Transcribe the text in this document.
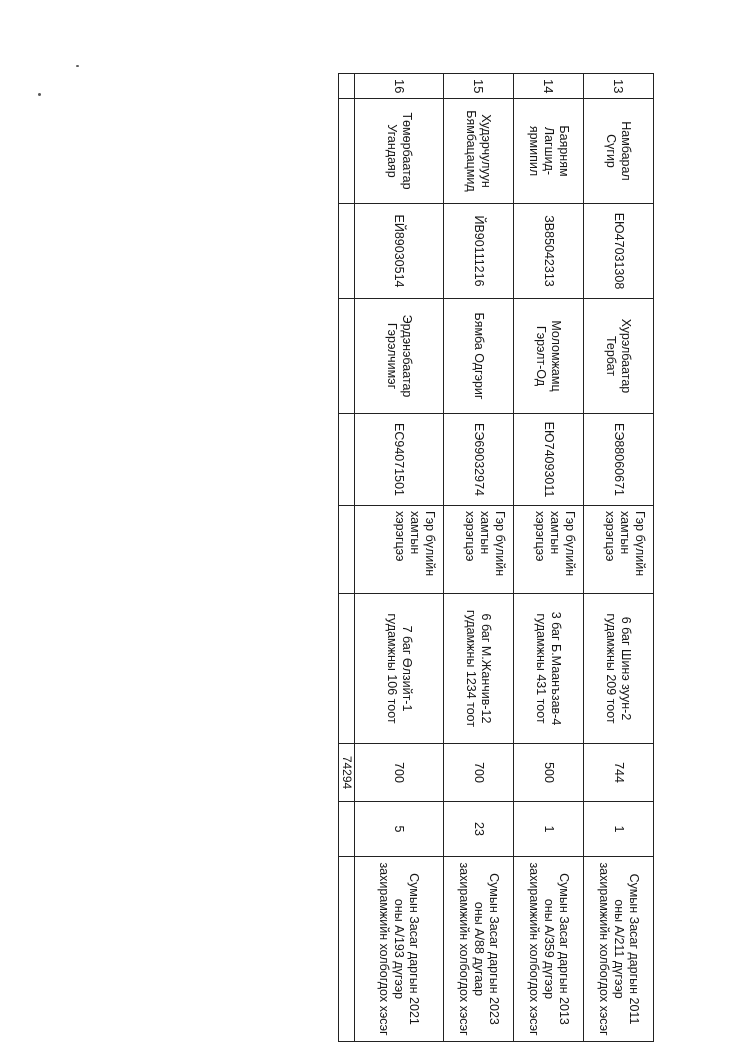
13	Намбарал Сүгир	ЕЮ47031308	Хурэлбаатар Тербат	ЕЭ88060671	Гэр бүлийн хамтын хэрэгцээ	6 баг Шинэ зуун-2 гудамжны 209 тоот	744	1	Сумын Засаг даргын 2011 оны А/211 дүгээр захирамжийн холбогдох хэсэг
14	Баярням Лагшид-ярмипил	ЗВ85042313	Моломжамц Гэрэлт-Од	ЕЮ74093011	Гэр бүлийн хамтын хэрэгцээ	3 баг Б.Маанъзав-4 гудамжны 431 тоот	500	1	Сумын Засаг даргын 2013 оны А/359 дүгээр захирамжийн холбогдох хэсэг
15	Худэрчулуун Бямбацацмид	ЙВ90111216	Бямба Одгэриг	ЕЭ69032974	Гэр бүлийн хамтын хэрэгцээ	6 баг М.Жанчив-12 гудамжны 1234 тоот	700	23	Сумын Засаг даргын 2023 оны А/88 дугаар захирамжийн холбогдох хэсэг
16	Төмөрбаатар Угандаяр	ЕЙ89030514	Эрдэнэбаатар Гэрэлчимэг	ЕС94071501	Гэр бүлийн хамтын хэрэгцээ	7 баг Өлзийт-1 гудамжны 106 тоот	700	5	Сумын Засаг даргын 2021 оны А/193 дүгээр захирамжийн холбогдох хэсэг
							74294		
